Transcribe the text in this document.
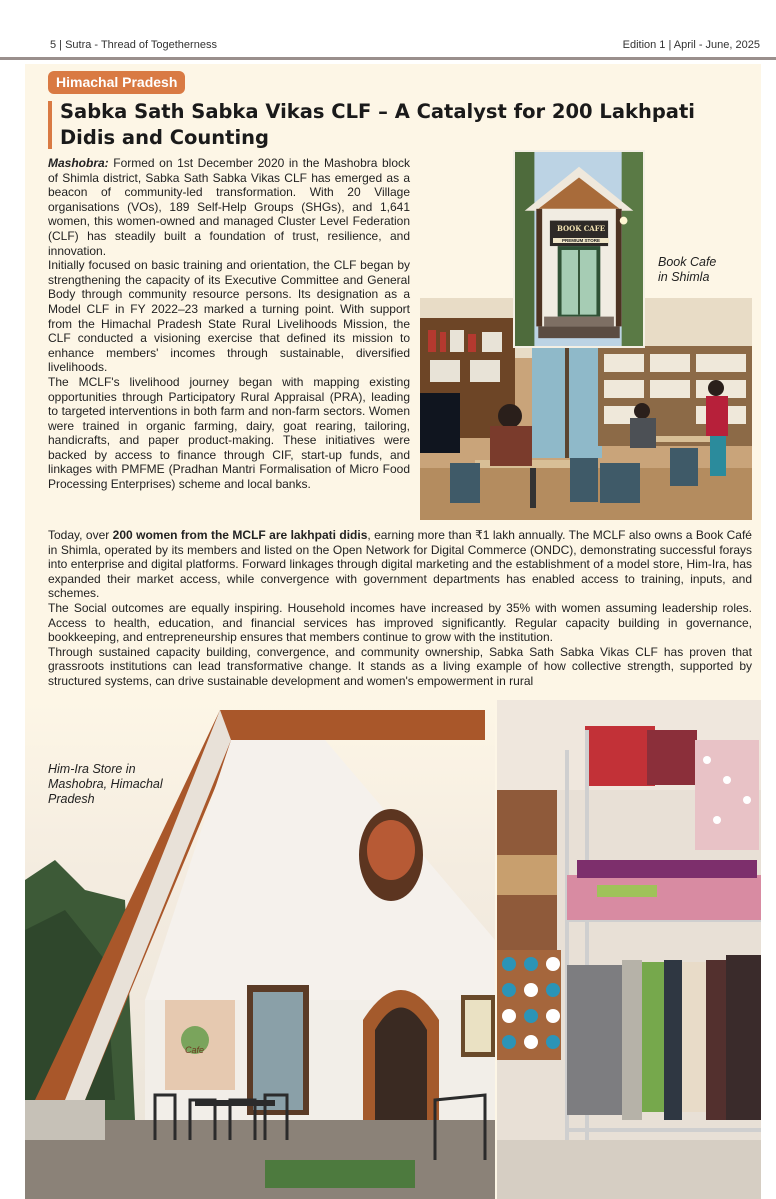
5 | Sutra - Thread of Togetherness	Edition 1 | April - June, 2025
Himachal Pradesh
Sabka Sath Sabka Vikas CLF – A Catalyst for 200 Lakhpati Didis and Counting

Mashobra: Formed on 1st December 2020 in the Mashobra block of Shimla district, Sabka Sath Sabka Vikas CLF has emerged as a beacon of community-led transformation. With 20 Village organisations (VOs), 189 Self-Help Groups (SHGs), and 1,641 women, this women-owned and managed Cluster Level Federation (CLF) has steadily built a foundation of trust, resilience, and innovation.

Initially focused on basic training and orientation, the CLF began by strengthening the capacity of its Executive Committee and General Body through community resource persons. Its designation as a Model CLF in FY 2022–23 marked a turning point. With support from the Himachal Pradesh State Rural Livelihoods Mission, the CLF conducted a visioning exercise that defined its mission to enhance members' incomes through sustainable, diversified livelihoods.

The MCLF's livelihood journey began with mapping existing opportunities through Participatory Rural Appraisal (PRA), leading to targeted interventions in both farm and non-farm sectors. Women were trained in organic farming, dairy, goat rearing, tailoring, handicrafts, and paper product-making. These initiatives were backed by access to finance through CIF, start-up funds, and linkages with PMFME (Pradhan Mantri Formalisation of Micro Food Processing Enterprises) scheme and local banks.

Today, over 200 women from the MCLF are lakhpati didis, earning more than ₹1 lakh annually. The MCLF also owns a Book Café in Shimla, operated by its members and listed on the Open Network for Digital Commerce (ONDC), demonstrating successful forays into enterprise and digital platforms. Forward linkages through digital marketing and the establishment of a model store, Him-Ira, has expanded their market access, while convergence with government departments has enabled access to training, inputs, and schemes.

The Social outcomes are equally inspiring. Household incomes have increased by 35% with women assuming leadership roles. Access to health, education, and financial services has improved significantly. Regular capacity building in governance, bookkeeping, and entrepreneurship ensures that members continue to grow with the institution.

Through sustained capacity building, convergence, and community ownership, Sabka Sath Sabka Vikas CLF has proven that grassroots institutions can lead transformative change. It stands as a living example of how collective strength, supported by structured systems, can drive sustainable development and women's empowerment in rural

BOOK CAFE
PREMIUM STORE
Book Cafe
in Shimla
Cafe
Him-Ira Store in
Mashobra, Himachal
Pradesh
